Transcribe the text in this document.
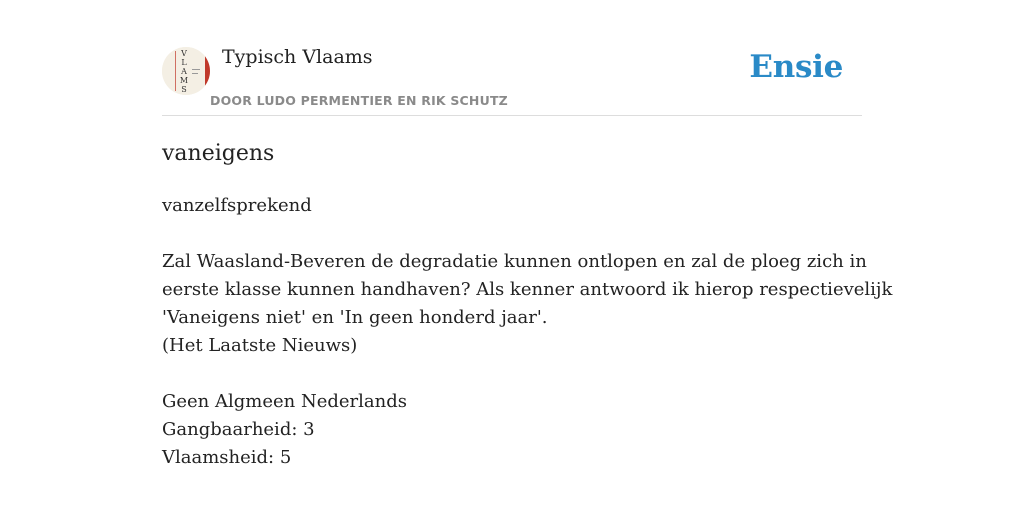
V L A M S
Typisch Vlaams
DOOR LUDO PERMENTIER EN RIK SCHUTZ
Ensie
vaneigens
vanzelfsprekend
Zal Waasland-Beveren de degradatie kunnen ontlopen en zal de ploeg zich in
eerste klasse kunnen handhaven? Als kenner antwoord ik hierop respectievelijk
'Vaneigens niet' en 'In geen honderd jaar'.
(Het Laatste Nieuws)
Geen Algmeen Nederlands
Gangbaarheid: 3
Vlaamsheid: 5
